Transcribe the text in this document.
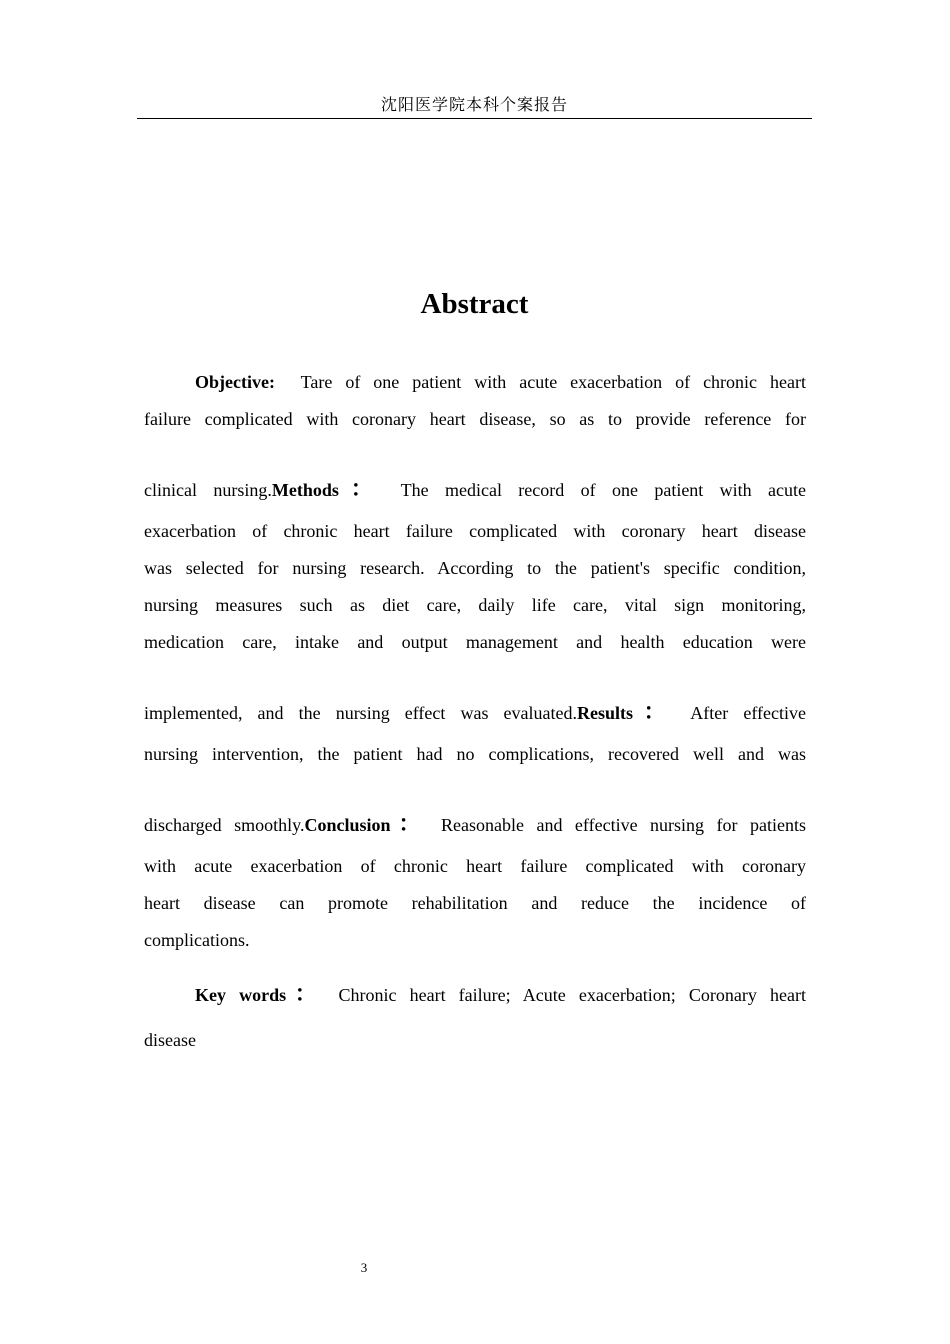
沈阳医学院本科个案报告
Abstract
Objective: Tare of one patient with acute exacerbation of chronic heart
failure complicated with coronary heart disease, so as to provide reference for
clinical nursing.Methods： The medical record of one patient with acute
exacerbation of chronic heart failure complicated with coronary heart disease
was selected for nursing research. According to the patient's specific condition,
nursing measures such as diet care, daily life care, vital sign monitoring,
medication care, intake and output management and health education were
implemented, and the nursing effect was evaluated.Results： After effective
nursing intervention, the patient had no complications, recovered well and was
discharged smoothly.Conclusion： Reasonable and effective nursing for patients
with acute exacerbation of chronic heart failure complicated with coronary
heart disease can promote rehabilitation and reduce the incidence of
complications.
Key words： Chronic heart failure; Acute exacerbation; Coronary heart
disease
3
